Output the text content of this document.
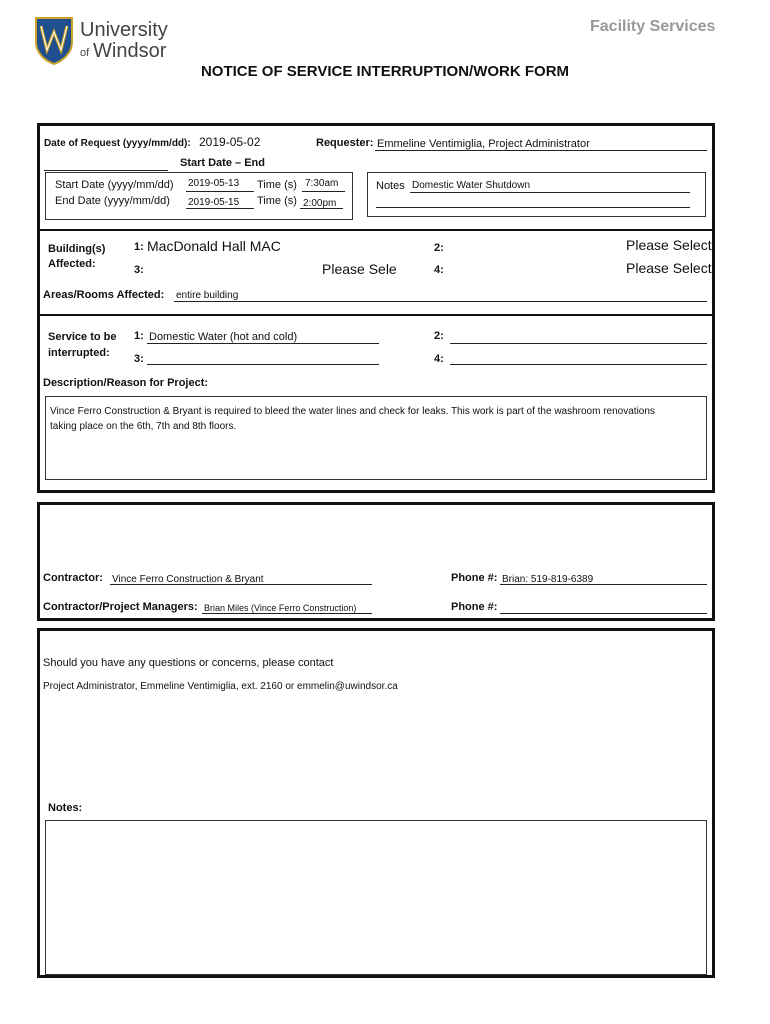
University
of Windsor
Facility Services
NOTICE OF SERVICE INTERRUPTION/WORK FORM
Date of Request (yyyy/mm/dd): 2019-05-02	Requester: Emmeline Ventimiglia, Project Administrator
Start Date – End
Start Date (yyyy/mm/dd) 2019-05-13 Time (s) 7:30am
End Date (yyyy/mm/dd) 2019-05-15 Time (s) 2:00pm
Notes Domestic Water Shutdown
Building(s)
Affected:
1: MacDonald Hall MAC	2:	Please Select
3:	Please Sele	4:	Please Select
Areas/Rooms Affected: entire building
Service to be
interrupted:
1: Domestic Water (hot and cold)	2:
3:	4:
Description/Reason for Project:
Vince Ferro Construction & Bryant is required to bleed the water lines and check for leaks. This work is part of the washroom renovations
taking place on the 6th, 7th and 8th floors.
Contractor: Vince Ferro Construction & Bryant	Phone #: Brian: 519-819-6389
Contractor/Project Managers: Brian Miles (Vince Ferro Construction)	Phone #:
Should you have any questions or concerns, please contact
Project Administrator, Emmeline Ventimiglia, ext. 2160 or emmelin@uwindsor.ca
Notes:
